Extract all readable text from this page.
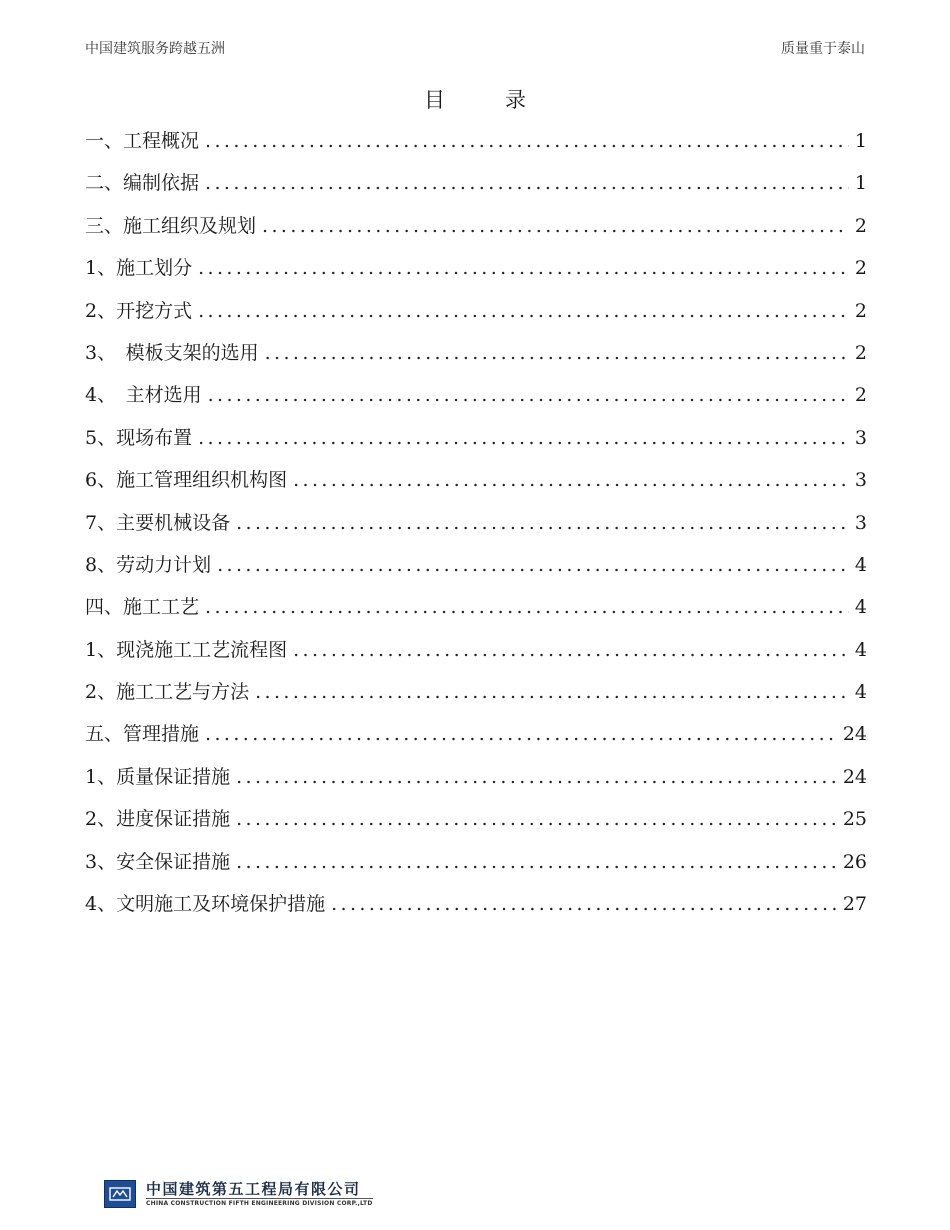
中国建筑服务跨越五洲	质量重于泰山
目录
一、工程概况 .....	1
二、编制依据 .....	1
三、施工组织及规划 .....	2
1、施工划分 .....	2
2、开挖方式 .....	2
3、　模板支架的选用 .....	2
4、　主材选用 .....	2
5、现场布置 .....	3
6、施工管理组织机构图 .....	3
7、主要机械设备 .....	3
8、劳动力计划 .....	4
四、施工工艺 .....	4
1、现浇施工工艺流程图 .....	4
2、施工工艺与方法 .....	4
五、管理措施 .....	24
1、质量保证措施 .....	24
2、进度保证措施 .....	25
3、安全保证措施 .....	26
4、文明施工及环境保护措施 .....	27
中国建筑第五工程局有限公司
CHINA CONSTRUCTION FIFTH ENGINEERING DIVISION CORP.,LTD
